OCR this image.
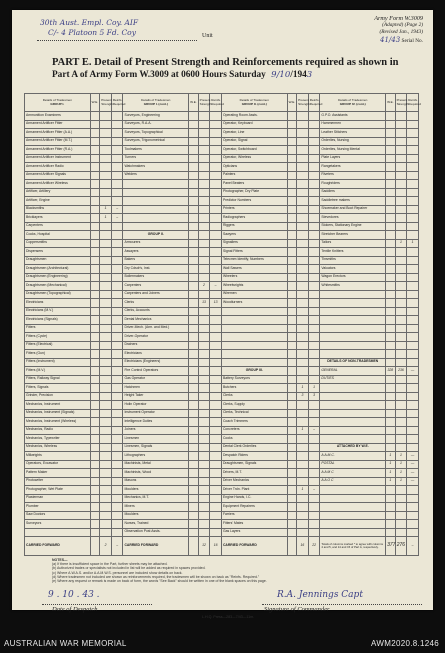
30th Aust. Empl. Coy. AIF
C/- 4 Platoon 5 Fd. Coy	Unit
Army Form W.3009
(Adapted) (Page 2)
(Revised Jan., 1943)
41/43 Serial No.
PART E. Detail of Present Strength and Reinforcements required as shown in
Part A of Army Form W.3009 at 0600 Hours Saturday 9/10/1943
Details of Tradesmen
GROUP I.	W.E.	Present Strength	Reinfs. Required	Details of Tradesmen
GROUP I. (cont.)	W.E.	Present Strength	Reinfs. Required	Details of Tradesmen
GROUP II. (cont.)	W.E.	Present Strength	Reinfs. Required	Details of Tradesmen
GROUP IV. (cont.)	W.E.	Present Strength	Reinfs. Required
Ammunition Examiners				Surveyors, Engineering				Operating Room Assts.				G.P.O. Assistants			
Armament Artificer Fitter				Surveyors, R.A.A.				Operator, Keyboard				Hammermen			
Armament Artificer Fitter (A.A.)				Surveyors, Topographical				Operator, Line				Leather Stitchers			
Armament Artificer Fitter (M.T.)				Surveyors, Trigonometrical				Operator, Signal				Orderlies, Nursing			
Armament Artificer Fitter (R.A.)				Toolmakers				Operator, Switchboard				Orderlies, Nursing Mental			
Armament Artificer Instrument				Turners				Operator, Wireless				Plate Layers			
Armament Artificer Radio				Watchmakers				Opticians				Rangetakers			
Armament Artificer Signals				Welders				Painters				Riveters			
Armament Artificer Wireless								Panel Beaters				Roughriders			
Artificer, Artillery								Photographer, Dry Plate				Saddlers			
Artificer, Engine								Predictor Numbers				Saddletree makers			
Blacksmiths		1	–					Printers				Shoemaker and Boot Repairer			
Bricklayers		1	–					Radiographers				Stevedores			
Carpenters								Riggers				Stokers, Stationary Engine			
Cooks, Hospital				GROUP II.				Sawyers				Stretcher Bearers			
Coppersmiths				Armourers				Signallers				Tailors		1	1
Dispensers				Assayers				Signal Fitters				Textile Knitters			
Draughtsmen				Bakers				Telecmm Identify, Numbers				Tinsmiths			
Draughtsmen (Architectural)				Dry Cdsdr's, Inst.				Wall Sawers				Valuators			
Draughtsmen (Engineering)				Boilermakers				Wheelers				Wagon Erectors			
Draughtsmen (Mechanical)				Carpenters		2	–	Wheelwrights				Whitesmiths			
Draughtsmen (Topographical)				Carpenters and Joiners				Wiremen							
Electricians				Clerks		13	13	Woodturners							
Electricians (M.V.)				Clerks, Accounts											
Electricians (Signals)				Dental Mechanics											
Fitters				Driver-Mech. (Arm. and Med.)											
Fitters (Cycle)				Driver-Operator											
Fitters (Electrical)				Drainers											
Fitters (Gun)				Electricians											
Fitters (Instrument)				Electricians (Engineers)								DETAILS OF NON-TRADESMEN			
Fitters (M.V.)				Fire Control Operators				GROUP III.				GENERAL	328	236	—
Fitters, Railway Signal				Gas Operator				Battery Surveyors				DUTIES			
Fitters, Signals				Hatchmen				Butchers		1	1				
Grinder, Precision				Height Taker				Clerks		3	3				
Mechanics, Instrument				Holin Operator				Clerks, Supply							
Mechanics, Instrument (Signals)				Instrument Operator				Clerks, Technical							
Mechanics, Instrument (Wireless)				Intelligence Duties				Coach Trimmers							
Mechanics, Radio				Joiners				Concreters		1	–				
Mechanics, Typewriter				Linesmen				Cooks							
Mechanics, Wireless				Linesmen, Signals				Dental Clerk Orderlies				ATTACHED BY W.E.			
Millwrights				Lithographers				Despatch Riders				A A.M.C.	1	1	—
Operators, Excavator				Machinists, Metal				Draughtsmen, Signals				POSTAL	1	1	—
Pattern Maker				Machinists, Wood				Drivers, M.T.				A A M C	1	1	—
Photowriter				Masons				Driver Mechanics				A A O C	1	1	—
Photographer, Wet Plate				Moulders				Driver Trdn. Plant		1	–				
Plasterman				Mechanics, M.T.				Engine Hands, I.C.							
Plumber				Miners				Equipment Repairers							
Saw Doctors				Moulders				Farriers							
Surveyors				Nurses, Trained				Fitters' Mates							
				Observation Post Assts.				Gas Layers							
CARRIED FORWARD		2	–	CARRIED FORWARD		12	16	CARRIED FORWARD		16	22	Totals of columns marked * to agree with columns 4 and 5, and 14 and 15 of Part A, respectively.	377	276	–
NOTES—
(a) If there is insufficient space in the Part, further sheets may be attached.
(b) Authorized trades or specialists not included in list will be added as required in spaces provided.
(c) Where A.W.A.S. and/or A.A.M.W.S. personnel are included show details on back.
(d) Where tradesmen not included are shown as reinforcements required, the tradesmen will be shown on back as "Reinfs. Required."
(e) Where any request or remark is made on back of form, the words "See Back" should be written in one of the blank spaces on this page.
9 . 10 . 43 .
Date of Despatch
R.A. Jennings Capt
Signature of Commander
L.H.Q. Press—283—7/43—11m.
AUSTRALIAN WAR MEMORIAL	AWM2020.8.1246
